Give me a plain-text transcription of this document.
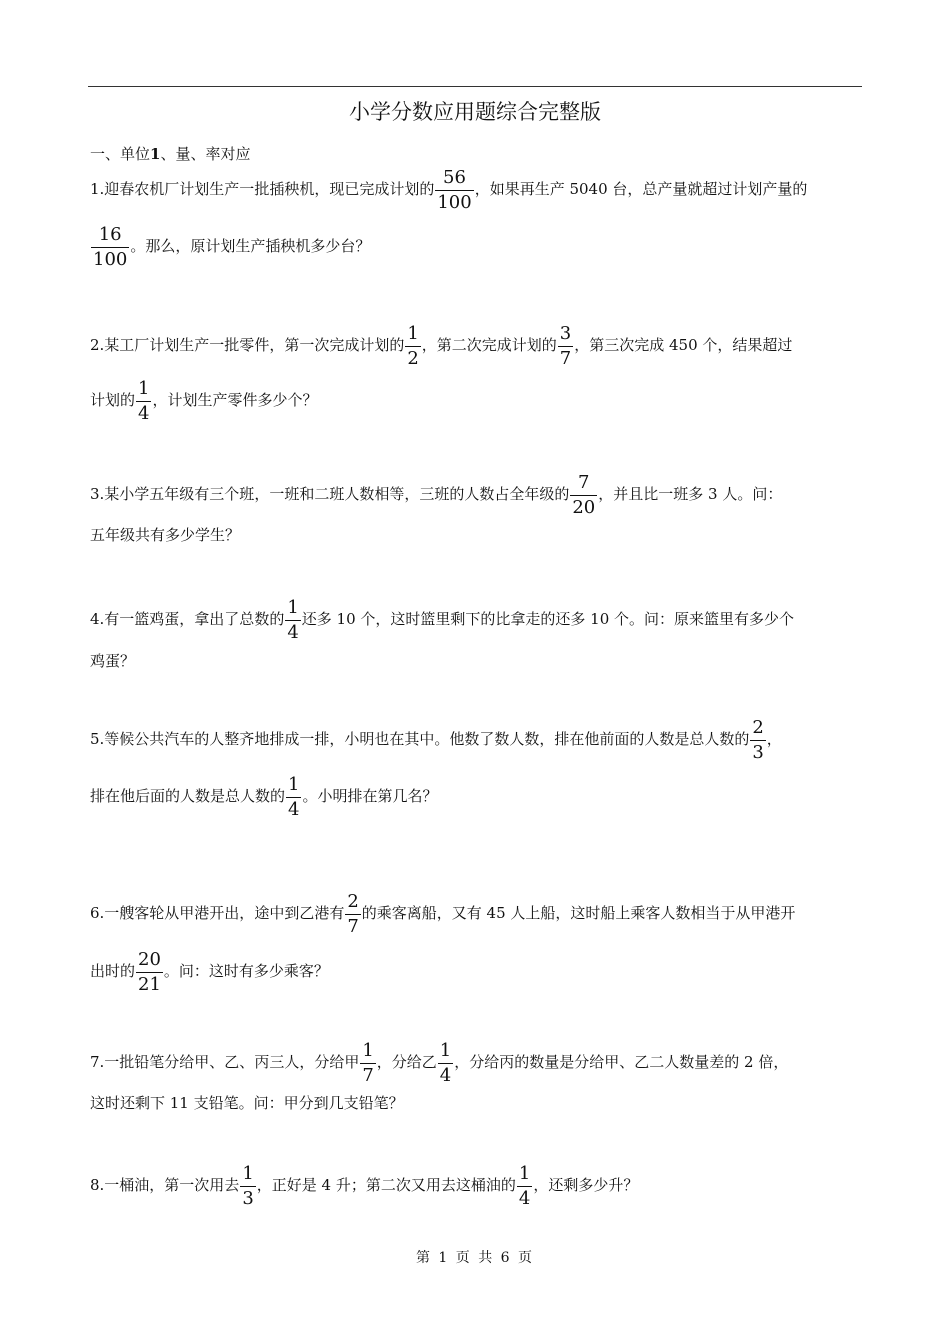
小学分数应用题综合完整版
一、单位1、量、率对应
1.迎春农机厂计划生产一批插秧机，现已完成计划的 $\frac{56}{100}$ ，如果再生产 5040 台，总产量就超过计划产量的
$\frac{16}{100}$ 。那么，原计划生产插秧机多少台？
2.某工厂计划生产一批零件，第一次完成计划的 $\frac{1}{2}$ ，第二次完成计划的 $\frac{3}{7}$ ，第三次完成 450 个，结果超过
计划的 $\frac{1}{4}$ ，计划生产零件多少个？
3.某小学五年级有三个班，一班和二班人数相等，三班的人数占全年级的 $\frac{7}{20}$ ，并且比一班多 3 人。问：
五年级共有多少学生？
4.有一篮鸡蛋，拿出了总数的 $\frac{1}{4}$ 还多 10 个，这时篮里剩下的比拿走的还多 10 个。问：原来篮里有多少个
鸡蛋？
5.等候公共汽车的人整齐地排成一排，小明也在其中。他数了数人数，排在他前面的人数是总人数的 $\frac{2}{3}$ ，
排在他后面的人数是总人数的 $\frac{1}{4}$ 。小明排在第几名？
6.一艘客轮从甲港开出，途中到乙港有 $\frac{2}{7}$ 的乘客离船，又有 45 人上船，这时船上乘客人数相当于从甲港开
出时的 $\frac{20}{21}$ 。问：这时有多少乘客？
7.一批铅笔分给甲、乙、丙三人，分给甲 $\frac{1}{7}$ ，分给乙 $\frac{1}{4}$ ，分给丙的数量是分给甲、乙二人数量差的 2 倍，
这时还剩下 11 支铅笔。问：甲分到几支铅笔？
8.一桶油，第一次用去 $\frac{1}{3}$ ，正好是 4 升；第二次又用去这桶油的 $\frac{1}{4}$ ，还剩多少升？
第 1 页 共 6 页
